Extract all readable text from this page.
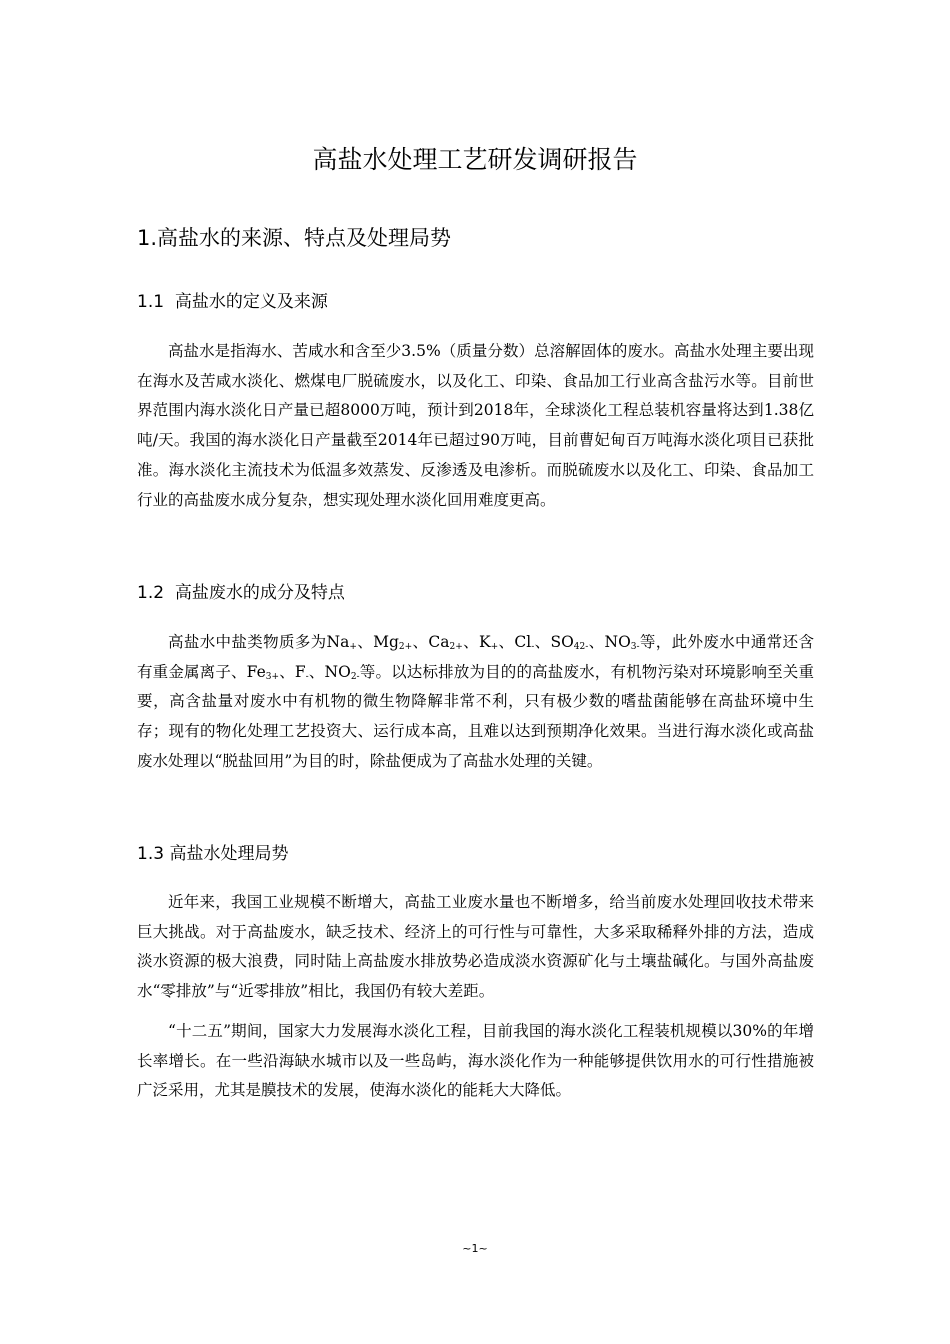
高盐水处理工艺研发调研报告
1.高盐水的来源、特点及处理局势
1.1  高盐水的定义及来源

高盐水是指海水、苦咸水和含至少3.5%（质量分数）总溶解固体的废水。高盐水处理主要出现在海水及苦咸水淡化、燃煤电厂脱硫废水，以及化工、印染、食品加工行业高含盐污水等。目前世界范围内海水淡化日产量已超8000万吨，预计到2018年，全球淡化工程总装机容量将达到1.38亿吨/天。我国的海水淡化日产量截至2014年已超过90万吨，目前曹妃甸百万吨海水淡化项目已获批准。海水淡化主流技术为低温多效蒸发、反渗透及电渗析。而脱硫废水以及化工、印染、食品加工行业的高盐废水成分复杂，想实现处理水淡化回用难度更高。

1.2  高盐废水的成分及特点

高盐水中盐类物质多为$Na_+$、$Mg_{2+}$、$Ca_{2+}$、$K_+$、$Cl_-$、$SO_{42-}$、$NO_{3-}$等，此外废水中通常还含有重金属离子、$Fe_{3+}$、$F_-$、$NO_{2-}$等。以达标排放为目的的高盐废水，有机物污染对环境影响至关重要，高含盐量对废水中有机物的微生物降解非常不利，只有极少数的嗜盐菌能够在高盐环境中生存；现有的物化处理工艺投资大、运行成本高，且难以达到预期净化效果。当进行海水淡化或高盐废水处理以“脱盐回用”为目的时，除盐便成为了高盐水处理的关键。

1.3 高盐水处理局势

近年来，我国工业规模不断增大，高盐工业废水量也不断增多，给当前废水处理回收技术带来巨大挑战。对于高盐废水，缺乏技术、经济上的可行性与可靠性，大多采取稀释外排的方法，造成淡水资源的极大浪费，同时陆上高盐废水排放势必造成淡水资源矿化与土壤盐碱化。与国外高盐废水“零排放”与“近零排放”相比，我国仍有较大差距。

“十二五”期间，国家大力发展海水淡化工程，目前我国的海水淡化工程装机规模以30%的年增长率增长。在一些沿海缺水城市以及一些岛屿，海水淡化作为一种能够提供饮用水的可行性措施被广泛采用，尤其是膜技术的发展，使海水淡化的能耗大大降低。

~1~
